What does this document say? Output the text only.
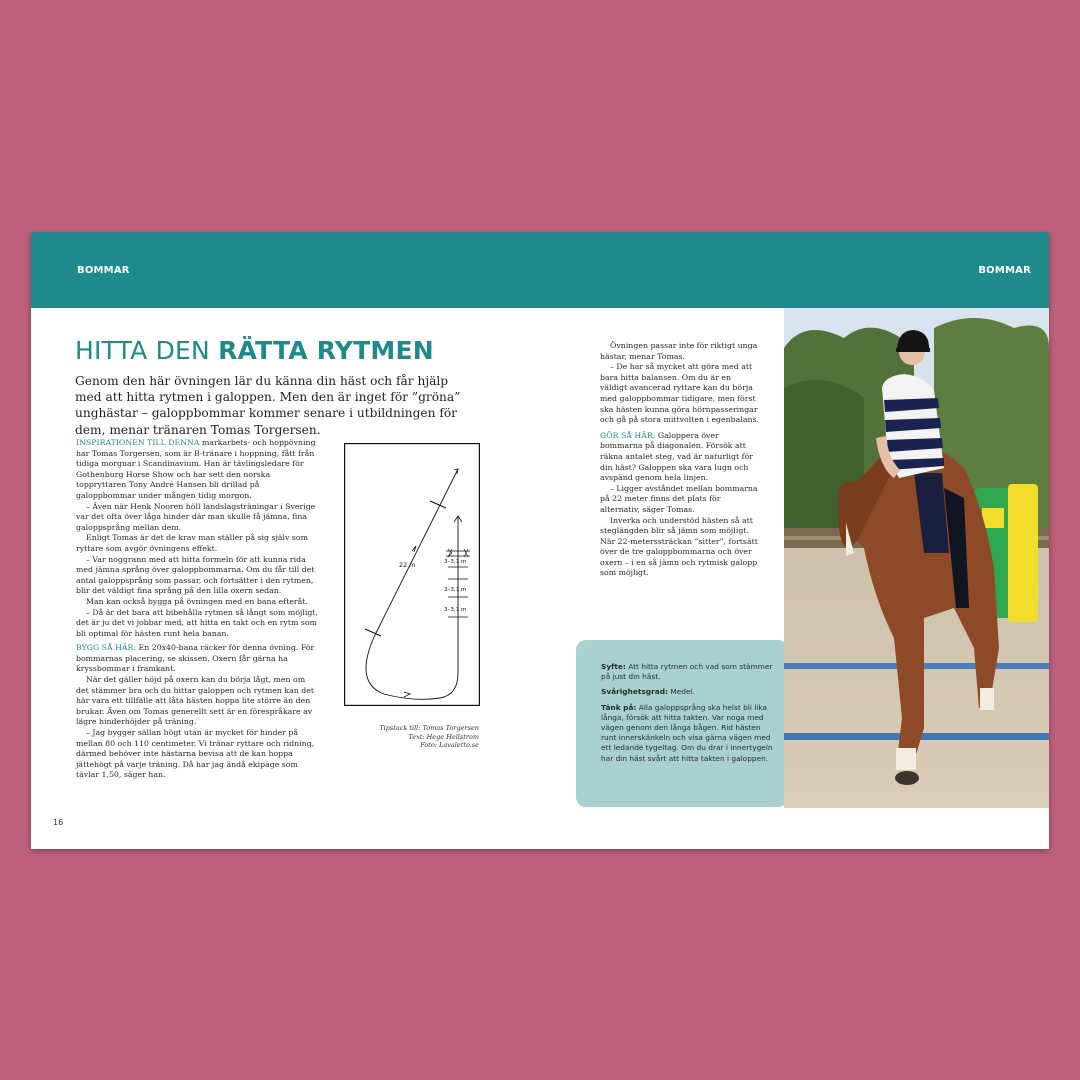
BOMMAR	BOMMAR
HITTA DEN RÄTTA RYTMEN
Genom den här övningen lär du känna din häst och får hjälp med att hitta rytmen i galoppen. Men den är inget för ”gröna” unghästar – galoppbommar kommer senare i utbildningen för dem, menar tränaren Tomas Torgersen.

INSPIRATIONEN TILL DENNA markarbets- och hoppövning har Tomas Torgersen, som är B-tränare i hoppning, fått från tidiga morgnar i Scandinavium. Han är tävlingsledare för Gothenburg Horse Show och har sett den norska toppryttaren Tony André Hansen bli drillad på galoppbommar under mången tidig morgon.

– Även när Henk Nooren höll landslagsträningar i Sverige var det ofta över låga hinder där man skulle få jämna, fina galoppsprång mellan dem.

Enligt Tomas är det de krav man ställer på sig själv som ryttare som avgör övningens effekt.

– Var noggrann med att hitta formeln för att kunna rida med jämna språng över galoppbommarna. Om du får till det antal galoppsprång som passar, och fortsätter i den rytmen, blir det väldigt fina språng på den lilla oxern sedan.

Man kan också bygga på övningen med en bana efteråt.

– Då är det bara att bibehålla rytmen så långt som möjligt, det är ju det vi jobbar med, att hitta en takt och en rytm som bli optimal för hästen runt hela banan.

BYGG SÅ HÄR: En 20x40-bana räcker för denna övning. För bommarnas placering, se skissen. Oxern får gärna ha kryssbommar i framkant.

När det gäller höjd på oxern kan du börja lågt, men om det stämmer bra och du hittar galoppen och rytmen kan det här vara ett tillfälle att låta hästen hoppa lite större än den brukar. Även om Tomas generellt sett är en förespråkare av lägre hinderhöjder på träning.

– Jag bygger sällan högt utan är mycket för hinder på mellan 80 och 110 centimeter. Vi tränar ryttare och ridning, därmed behöver inte hästarna bevisa att de kan hoppa jättehögt på varje träning. Då har jag ändå ekipage som tävlar 1,50, säger han.

22 m	3–3,1 m
3–3,1 m
3–3,1 m
Tipstack till: Tomas Torgersen
Text: Hege Hellstrom
Foto: Lavaletto.se

Övningen passar inte för riktigt unga hästar, menar Tomas.

– De har så mycket att göra med att bara hitta balansen. Om du är en väldigt avancerad ryttare kan du börja med galoppbommar tidigare, men först ska hästen kunna göra hörnpasseringar och gå på stora mittvolten i egenbalans.

GÖR SÅ HÄR: Galoppera över bommarna på diagonalen. Försök att räkna antalet steg, vad är naturligt för din häst? Galoppen ska vara lugn och avspänd genom hela linjen.

– Ligger avståndet mellan bommarna på 22 meter finns det plats för alternativ, säger Tomas.

Inverka och understöd hästen så att steglängden blir så jämn som möjligt. När 22-meterssträckan ”sitter”, fortsätt över de tre galoppbommarna och över oxern – i en så jämn och rytmisk galopp som möjligt.

Syfte: Att hitta rytmen och vad som stämmer på just din häst.

Svårighetsgrad: Medel.

Tänk på: Alla galoppsprång ska helst bli lika långa, försök att hitta takten. Var noga med vägen genom den långa bågen. Rid hästen runt innerskänkeln och visa gärna vägen med ett ledande tygeltag. Om du drar i innertygeln har din häst svårt att hitta takten i galoppen.

16
